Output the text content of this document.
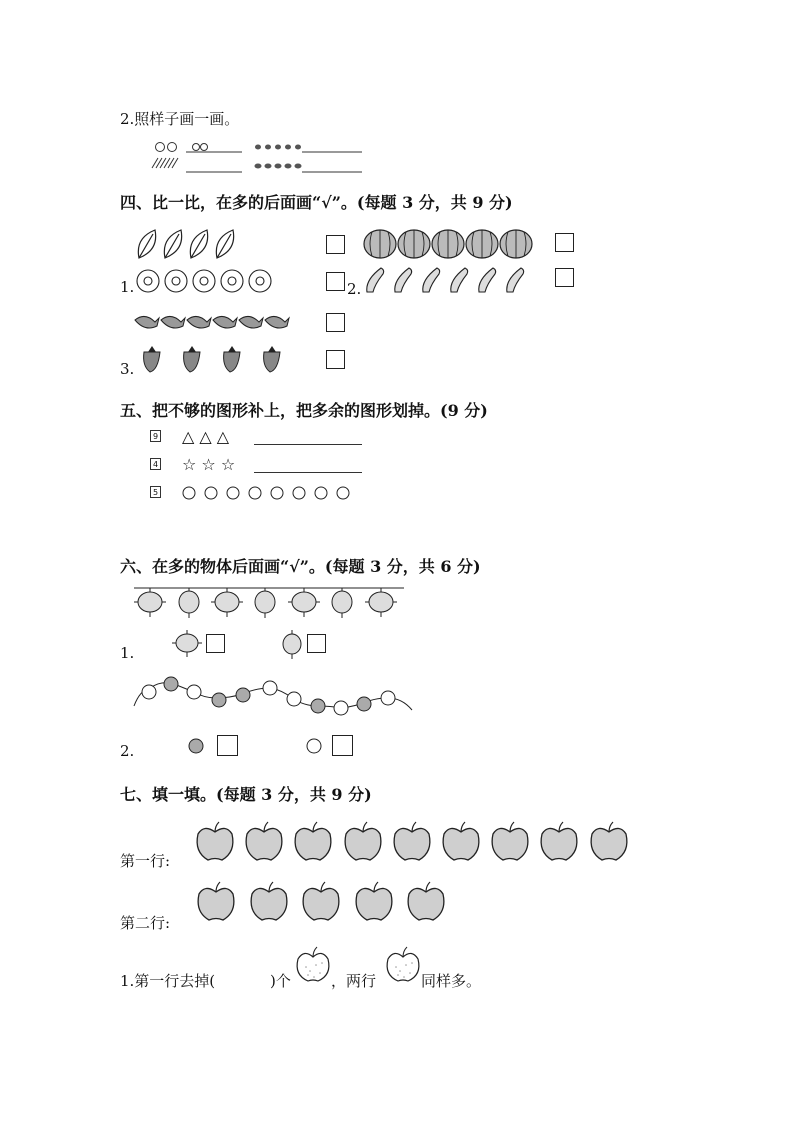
2.照样子画一画。
四、比一比，在多的后面画“√”。(每题 3 分，共 9 分)
1.	2.
3.
五、把不够的图形补上，把多余的图形划掉。(9 分)
9 △ △ △
4 ☆ ☆ ☆
5
六、在多的物体后面画“√”。(每题 3 分，共 6 分)
1.
2.
七、填一填。(每题 3 分，共 9 分)
第一行:
第二行:
1.第一行去掉(	)个	，两行	同样多。
